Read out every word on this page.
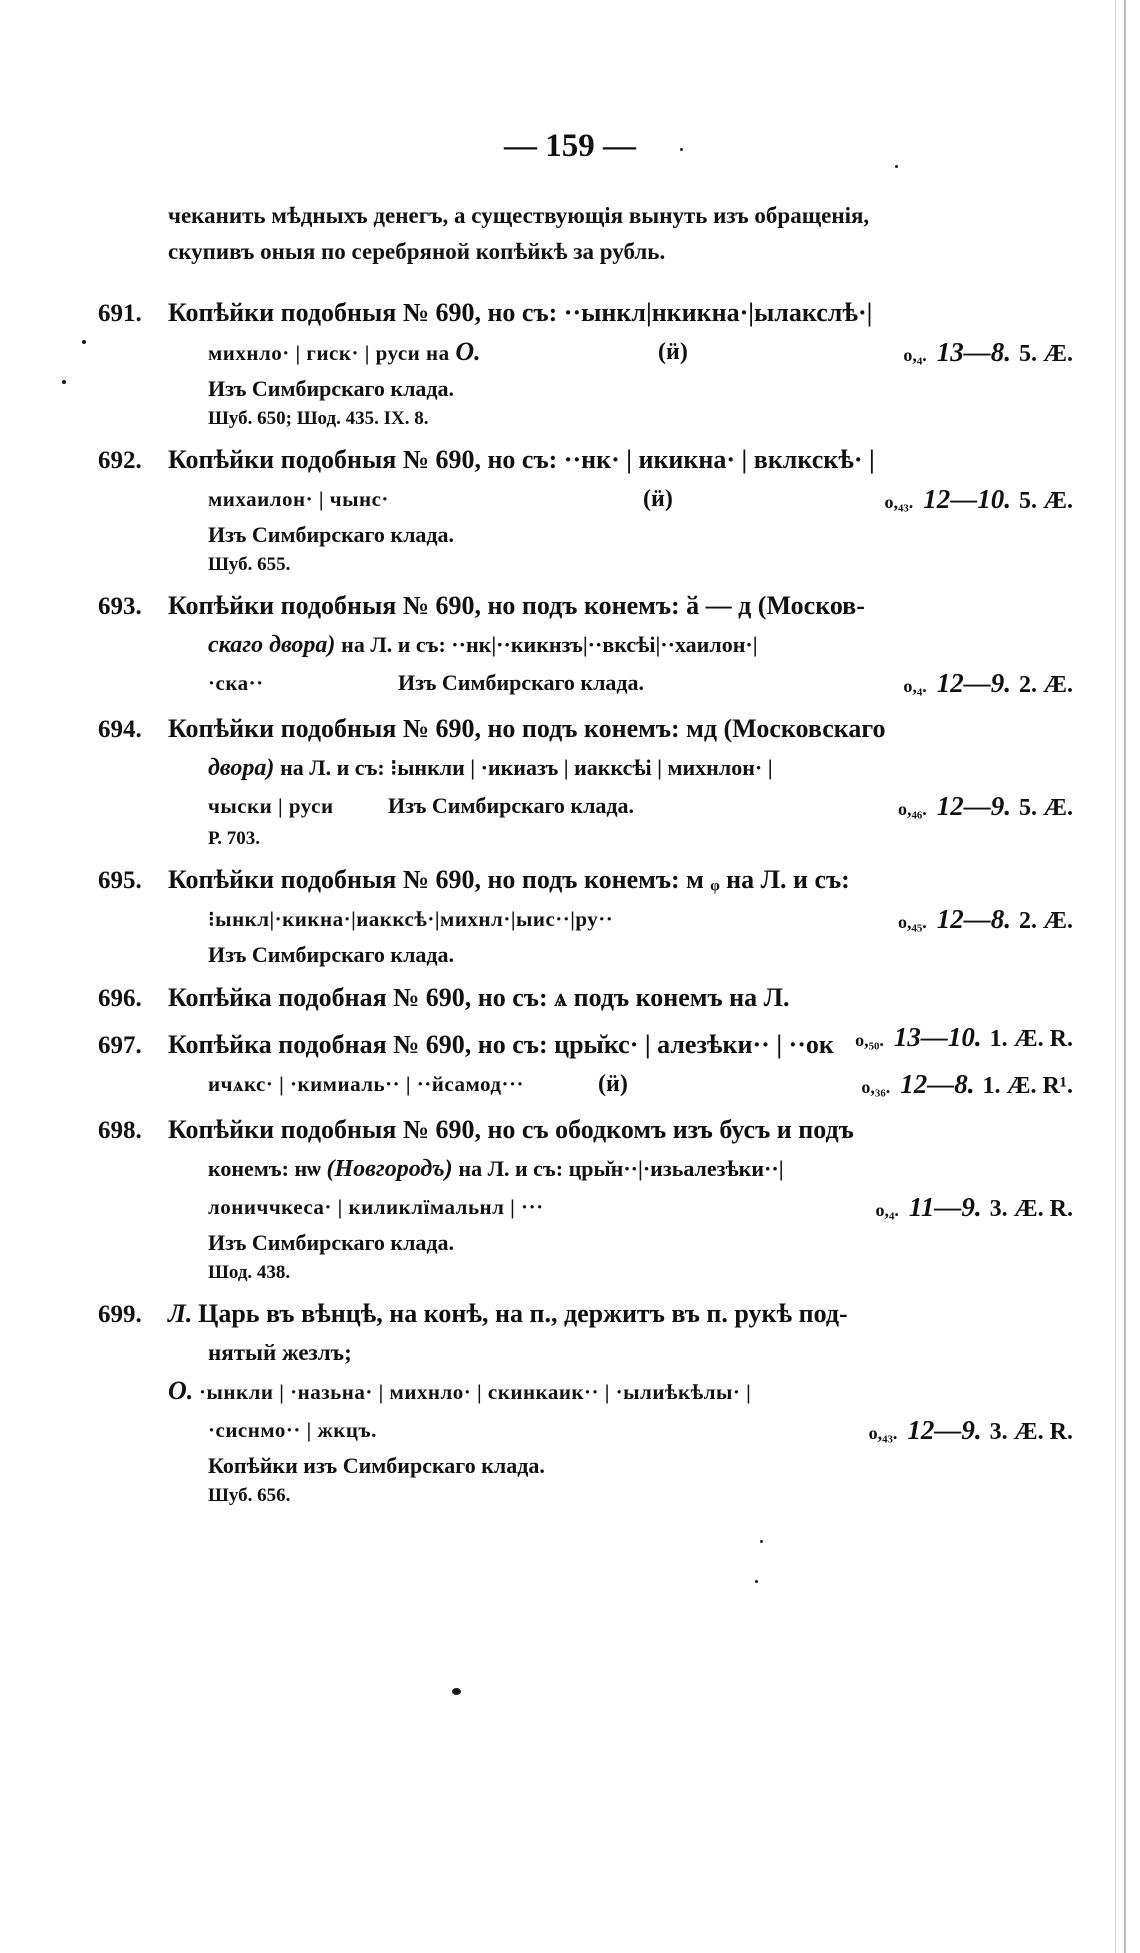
— 159 —

чеканить мѣдныхъ денегъ, а существующія вынуть изъ обращенія,

скупивъ оныя по серебряной копѣйкѣ за рубль.

691. Копѣйки подобныя № 690, но съ: ··ынкл|нкикна·|ылакслѣ·|
михнло· | гиск· | руси на О.	(ӥ)	о,₄. 13—8. 5. Æ.
Изъ Симбирскаго клада.
Шуб. 650; Шод. 435. IX. 8.
692. Копѣйки подобныя № 690, но съ: ··нк· | икикна· | вклкскѣ· |
михаилон· | чынс·	(ӥ)	о,₄₃. 12—10. 5. Æ.
Изъ Симбирскаго клада.
Шуб. 655.
693. Копѣйки подобныя № 690, но подъ конемъ: ӑ — д (Москов-
скаго двора) на Л. и съ: ··нк|··кикнзъ|··вксѣi|··хаилон·|
·ска··	Изъ Симбирскаго клада.	о,₄. 12—9. 2. Æ.
694. Копѣйки подобныя № 690, но подъ конемъ: мд (Московскаго
двора) на Л. и съ: ⁝ынкли | ·икиазъ | иакксѣi | михнлон· |
чыски | руси Изъ Симбирскаго клада.	о,₄₆. 12—9. 5. Æ.
Р. 703.
695. Копѣйки подобныя № 690, но подъ конемъ: м ᵩ на Л. и съ:
⁝ынкл|·кикна·|иакксѣ·|михнл·|ыис··|ру··	о,₄₅. 12—8. 2. Æ.
Изъ Симбирскаго клада.
696. Копѣйка подобная № 690, но съ: ѧ подъ конемъ на Л.
о,₅₀. 13—10. 1. Æ. R.
697. Копѣйка подобная № 690, но съ: цры̆кс· | алезѣки·· | ··ок
ичѧкс· | ·кимиаль·· | ··йсамод···	(ӥ)	о,₃₆. 12—8. 1. Æ. R¹.
698. Копѣйки подобныя № 690, но съ ободкомъ изъ бусъ и подъ
конемъ: нѡ (Новгородъ) на Л. и съ: цры̆н··|·изьалезѣки··|
лониччкеса· | киликлїмальнл | ···	о,₄. 11—9. 3. Æ. R.
Изъ Симбирскаго клада.
Шод. 438.
699. Л. Царь въ вѣнцѣ, на конѣ, на п., держитъ въ п. рукѣ под-
нятый жезлъ;
О. ·ынкли | ·назьна· | михнло· | скинкаик·· | ·ылиѣкѣлы· |
·сиснмо·· | жкцъ.	о,₄₃. 12—9. 3. Æ. R.
Копѣйки изъ Симбирскаго клада.
Шуб. 656.
